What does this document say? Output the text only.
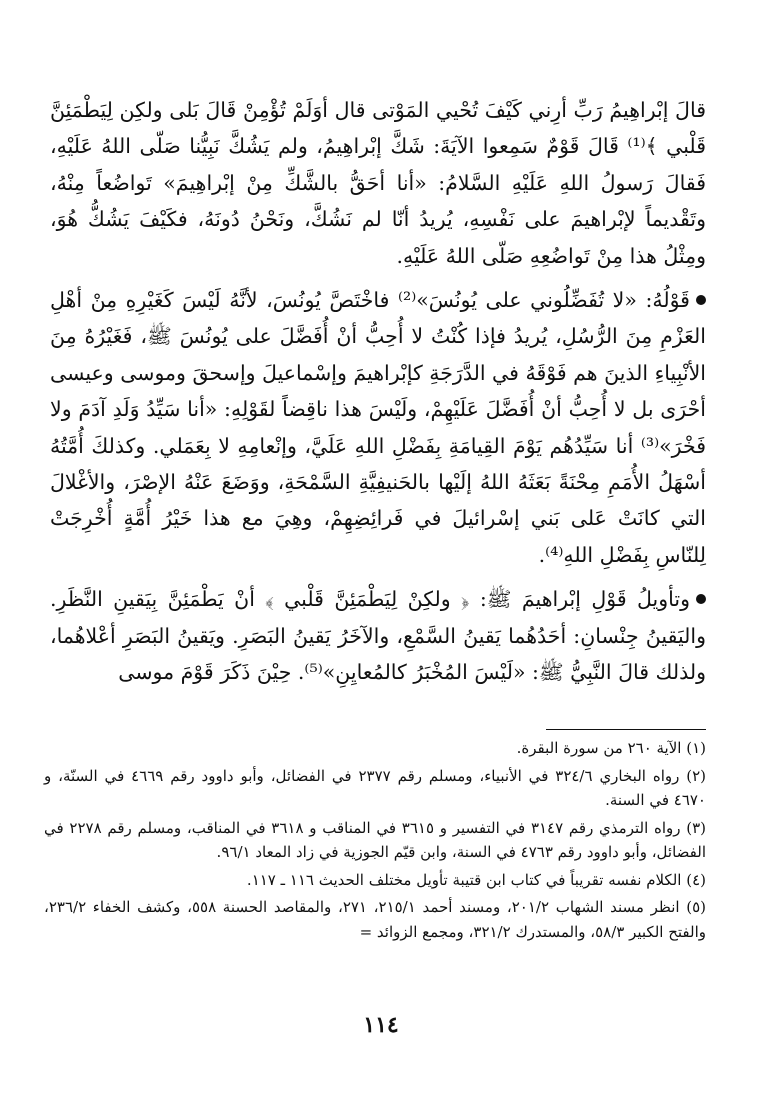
قالَ إبْراهِيمُ رَبِّ أرِني كَيْفَ تُحْيي المَوْتى قال أوَلَمْ تُؤْمِنْ قَالَ بَلى ولكِن لِيَطْمَئِنَّ قَلْبي ﴾⁽¹⁾ قَالَ قَوْمٌ سَمِعوا الآيَةَ: شَكَّ إبْراهِيمُ، ولم يَشُكَّ نَبِيُّنا صَلّى اللهُ عَلَيْهِ، فَقالَ رَسولُ اللهِ عَلَيْهِ السَّلامُ: «أنا أحَقُّ بالشَّكِّ مِنْ إبْراهِيمَ» تَواضُعاً مِنْهُ، وتَقْديماً لإبْراهيمَ على نَفْسِهِ، يُريدُ أنّا لم نَشُكَّ، ونَحْنُ دُونَهُ، فكَيْفَ يَشُكُّ هُوَ، ومِثْلُ هذا مِنْ تَواضُعِهِ صَلّى اللهُ عَلَيْهِ.

قَوْلُهُ: «لا تُفَضِّلُوني على يُونُسَ»⁽²⁾ فاخْتَصَّ يُونُسَ، لأنَّهُ لَيْسَ كَغَيْرِهِ مِنْ أهْلِ العَزْمِ مِنَ الرُّسُلِ، يُريدُ فإذا كُنْتُ لا أُحِبُّ أنْ أُفَضَّلَ على يُونُسَ ﷺ، فَغَيْرُهُ مِنَ الأنْبِياءِ الذينَ هم فَوْقَهُ في الدَّرَجَةِ كإبْراهيمَ وإسْماعيلَ وإسحقَ وموسى وعيسى أحْرَى بل لا أُحِبُّ أنْ أُفَضَّلَ عَلَيْهِمْ، ولَيْسَ هذا ناقِضاً لقَوْلِهِ: «أنا سَيِّدُ وَلَدِ آدَمَ ولا فَخْرَ»⁽³⁾ أنا سَيِّدُهُم يَوْمَ القِيامَةِ بِفَضْلِ اللهِ عَلَيَّ، وإنْعامِهِ لا بِعَمَلي. وكذلكَ أُمَّتُهُ أسْهَلُ الأُمَمِ مِحْنَةً بَعَثَهُ اللهُ إلَيْها بالحَنيفِيَّةِ السَّمْحَةِ، ووَضَعَ عَنْهُ الإصْرَ، والأغْلالَ التي كانَتْ عَلى بَني إسْرائيلَ في فَرائِضِهِمْ، وهِيَ مع هذا خَيْرُ أُمَّةٍ أُخْرِجَتْ لِلنّاسِ بِفَضْلِ اللهِ⁽⁴⁾.

وتأويلُ قَوْلِ إبْراهيمَ ﷺ: ﴿ ولكِنْ لِيَطْمَئِنَّ قَلْبي ﴾ أنْ يَطْمَئِنَّ بِيَقينِ النَّظَرِ. واليَقينُ جِنْسانِ: أحَدُهُما يَقينُ السَّمْعِ، والآخَرُ يَقينُ البَصَرِ. ويَقينُ البَصَرِ أعْلاهُما، ولذلك قالَ النَّبِيُّ ﷺ: «لَيْسَ المُخْبَرُ كالمُعايِنِ»⁽⁵⁾. حِيْنَ ذَكَرَ قَوْمَ موسى

(١) الآية ٢٦٠ من سورة البقرة.

(٢) رواه البخاري ٣٢٤/٦ في الأنبياء، ومسلم رقم ٢٣٧٧ في الفضائل، وأبو داوود رقم ٤٦٦٩ في السنّة، و ٤٦٧٠ في السنة.

(٣) رواه الترمذي رقم ٣١٤٧ في التفسير و ٣٦١٥ في المناقب و ٣٦١٨ في المناقب، ومسلم رقم ٢٢٧٨ في الفضائل، وأبو داوود رقم ٤٧٦٣ في السنة، وابن قيّم الجوزية في زاد المعاد ٩٦/١.

(٤) الكلام نفسه تقريباً في كتاب ابن قتيبة تأويل مختلف الحديث ١١٦ ـ ١١٧.

(٥) انظر مسند الشهاب ٢٠١/٢، ومسند أحمد ٢١٥/١، ٢٧١، والمقاصد الحسنة ٥٥٨، وكشف الخفاء ٢٣٦/٢، والفتح الكبير ٥٨/٣، والمستدرك ٣٢١/٢، ومجمع الزوائد =

١١٤
